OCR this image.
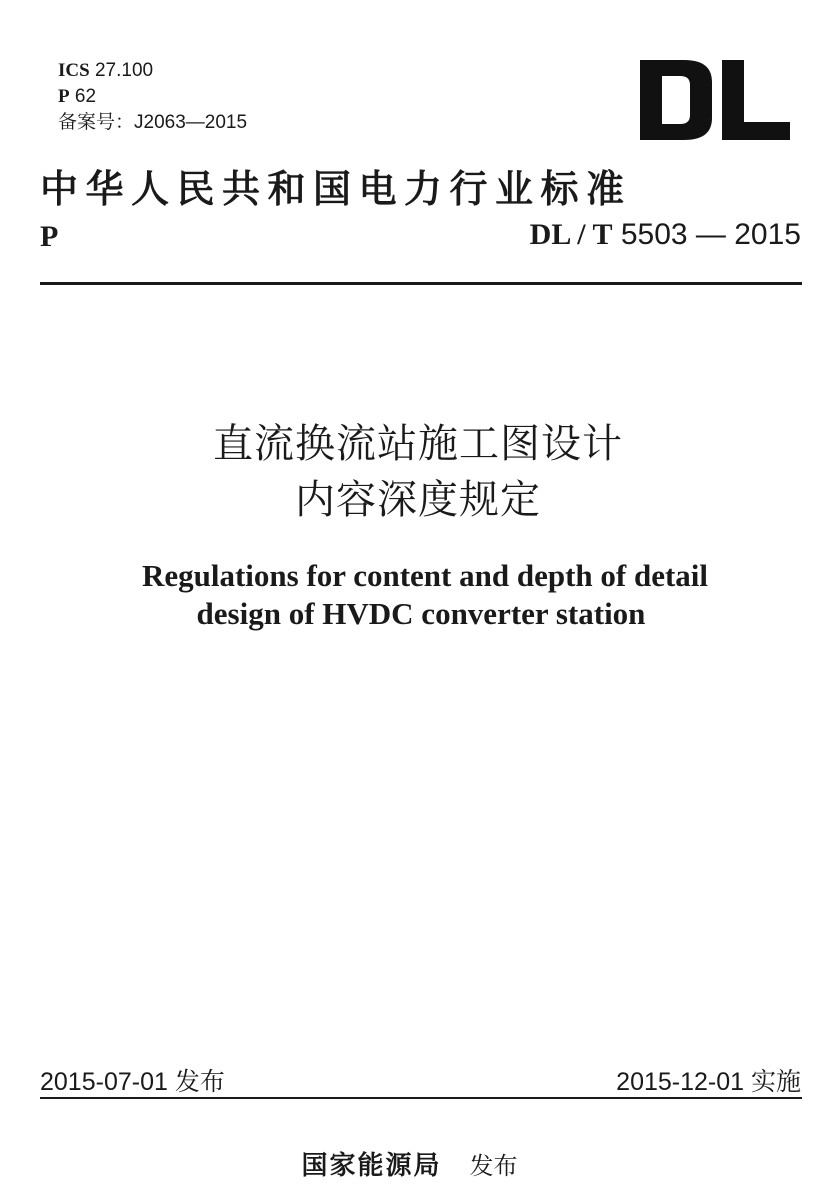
ICS 27.100
P 62
备案号：J2063—2015
中华人民共和国电力行业标准
P	DL / T 5503 — 2015
直流换流站施工图设计
内容深度规定
Regulations for content and depth of detail
design of HVDC converter station
2015-07-01 发布	2015-12-01 实施
国家能源局 发布
